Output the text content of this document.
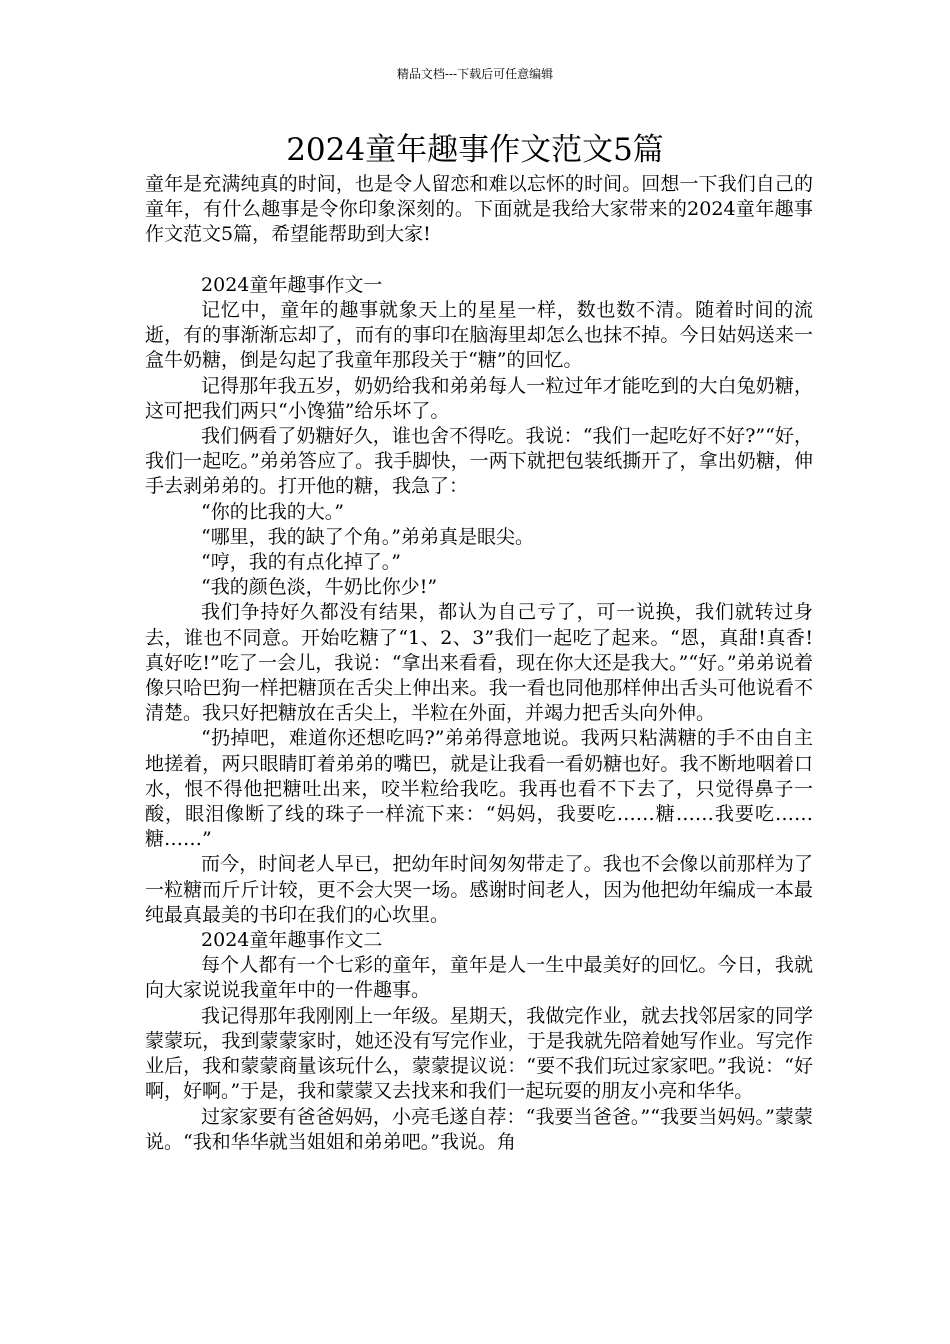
精品文档---下载后可任意编辑
2024童年趣事作文范文5篇

童年是充满纯真的时间，也是令人留恋和难以忘怀的时间。回想一下我们自己的童年，有什么趣事是令你印象深刻的。下面就是我给大家带来的2024童年趣事作文范文5篇，希望能帮助到大家!

2024童年趣事作文一

记忆中，童年的趣事就象天上的星星一样，数也数不清。随着时间的流逝，有的事渐渐忘却了，而有的事印在脑海里却怎么也抹不掉。今日姑妈送来一盒牛奶糖，倒是勾起了我童年那段关于“糖”的回忆。

记得那年我五岁，奶奶给我和弟弟每人一粒过年才能吃到的大白兔奶糖，这可把我们两只“小馋猫”给乐坏了。

我们俩看了奶糖好久，谁也舍不得吃。我说：“我们一起吃好不好?”“好，我们一起吃。”弟弟答应了。我手脚快，一两下就把包装纸撕开了，拿出奶糖，伸手去剥弟弟的。打开他的糖，我急了：

“你的比我的大。”

“哪里，我的缺了个角。”弟弟真是眼尖。

“哼，我的有点化掉了。”

“我的颜色淡，牛奶比你少!”

我们争持好久都没有结果，都认为自己亏了，可一说换，我们就转过身去，谁也不同意。开始吃糖了“1、2、3”我们一起吃了起来。“恩，真甜!真香!真好吃!”吃了一会儿，我说：“拿出来看看，现在你大还是我大。”“好。”弟弟说着像只哈巴狗一样把糖顶在舌尖上伸出来。我一看也同他那样伸出舌头可他说看不清楚。我只好把糖放在舌尖上，半粒在外面，并竭力把舌头向外伸。

“扔掉吧，难道你还想吃吗?”弟弟得意地说。我两只粘满糖的手不由自主地搓着，两只眼睛盯着弟弟的嘴巴，就是让我看一看奶糖也好。我不断地咽着口水，恨不得他把糖吐出来，咬半粒给我吃。我再也看不下去了，只觉得鼻子一酸，眼泪像断了线的珠子一样流下来：“妈妈，我要吃……糖……我要吃……糖……”

而今，时间老人早已，把幼年时间匆匆带走了。我也不会像以前那样为了一粒糖而斤斤计较，更不会大哭一场。感谢时间老人，因为他把幼年编成一本最纯最真最美的书印在我们的心坎里。

2024童年趣事作文二

每个人都有一个七彩的童年，童年是人一生中最美好的回忆。今日，我就向大家说说我童年中的一件趣事。

我记得那年我刚刚上一年级。星期天，我做完作业，就去找邻居家的同学蒙蒙玩，我到蒙蒙家时，她还没有写完作业，于是我就先陪着她写作业。写完作业后，我和蒙蒙商量该玩什么，蒙蒙提议说：“要不我们玩过家家吧。”我说：“好啊，好啊。”于是，我和蒙蒙又去找来和我们一起玩耍的朋友小亮和华华。

过家家要有爸爸妈妈，小亮毛遂自荐：“我要当爸爸。”“我要当妈妈。”蒙蒙说。“我和华华就当姐姐和弟弟吧。”我说。角
